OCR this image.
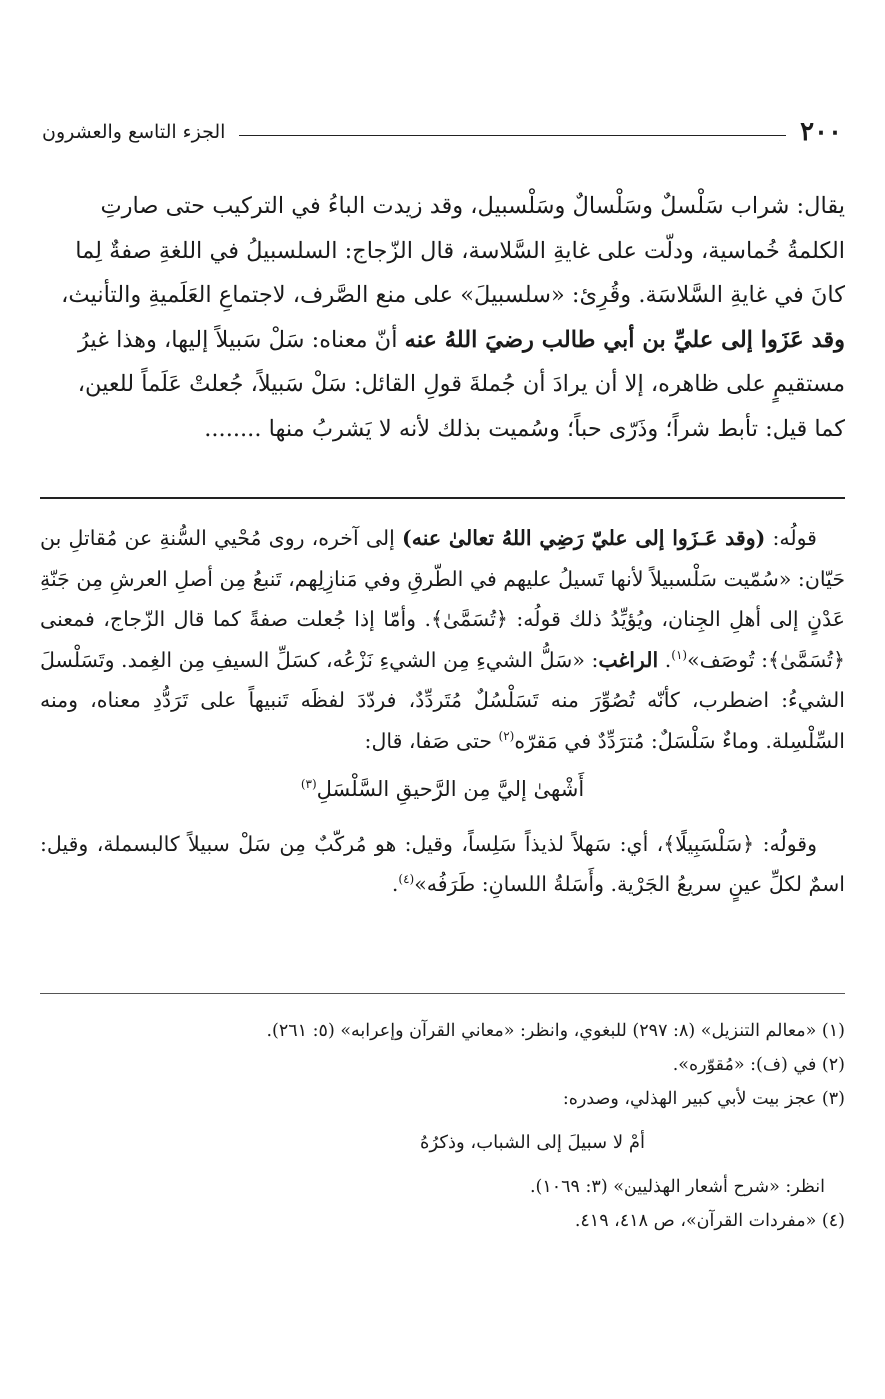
٢٠٠
الجزء التاسع والعشرون

يقال: شراب سَلْسلٌ وسَلْسالٌ وسَلْسبيل، وقد زيدت الباءُ في التركيب حتى صارتِ

الكلمةُ خُماسية، ودلّت على غايةِ السَّلاسة، قال الزّجاج: السلسبيلُ في اللغةِ صفةٌ لِما

كانَ في غايةِ السَّلاسَة. وقُرِئ: «سلسبيلَ» على منع الصَّرف، لاجتماعِ العَلَميةِ والتأنيث،

وقد عَزَوا إلى عليِّ بن أبي طالب رضيَ اللهُ عنه أنّ معناه: سَلْ سَبيلاً إليها، وهذا غيرُ

مستقيمٍ على ظاهره، إلا أن يرادَ أن جُملةَ قولِ القائل: سَلْ سَبيلاً، جُعلتْ عَلَماً للعين،

كما قيل: تأبط شراً؛ وذَرّى حباً؛ وسُميت بذلك لأنه لا يَشربُ منها ........

قولُه: (وقد عَـزَوا إلى عليّ رَضِي اللهُ تعالىٰ عنه) إلى آخره، روى مُحْيي السُّنةِ عن مُقاتلِ بن حَيّان: «سُمّيت سَلْسبيلاً لأنها تَسيلُ عليهم في الطّرقِ وفي مَنازِلِهم، تَنبعُ مِن أصلِ العرشِ مِن جَنّةِ عَدْنٍ إلى أهلِ الجِنان، ويُؤيِّدُ ذلك قولُه: ﴿تُسَمَّىٰ﴾. وأمّا إذا جُعلت صفةً كما قال الزّجاج، فمعنى ﴿تُسَمَّىٰ﴾: تُوصَف»$^{(١)}$. الراغب: «سَلُّ الشيءِ مِن الشيءِ نَزْعُه، كسَلِّ السيفِ مِن الغِمد. وتَسَلْسلَ الشيءُ: اضطرب، كأنّه تُصُوِّرَ منه تَسَلْسُلٌ مُتَردِّدٌ، فردّدَ لفظَه تَنبيهاً على تَرَدُّدِ معناه، ومنه السِّلْسِلة. وماءٌ سَلْسَلٌ: مُترَدِّدٌ في مَقرّه$^{(٢)}$ حتى صَفا، قال:

أَشْهىٰ إليَّ مِن الرَّحيقِ السَّلْسَلِ$^{(٣)}$

وقولُه: ﴿سَلْسَبِيلًا﴾، أي: سَهلاً لذيذاً سَلِساً، وقيل: هو مُركّبٌ مِن سَلْ سبيلاً كالبسملة، وقيل: اسمٌ لكلِّ عينٍ سريعُ الجَرْية. وأَسَلةُ اللسانِ: طَرَفُه»$^{(٤)}$.

(١) «معالم التنزيل» (٨: ٢٩٧) للبغوي، وانظر: «معاني القرآن وإعرابه» (٥: ٢٦١).

(٢) في (ف): «مُقوّره».

(٣) عجز بيت لأبي كبير الهذلي، وصدره:

أمْ لا سبيلَ إلى الشباب، وذكرُهُ

انظر: «شرح أشعار الهذليين» (٣: ١٠٦٩).

(٤) «مفردات القرآن»، ص ٤١٨، ٤١٩.
